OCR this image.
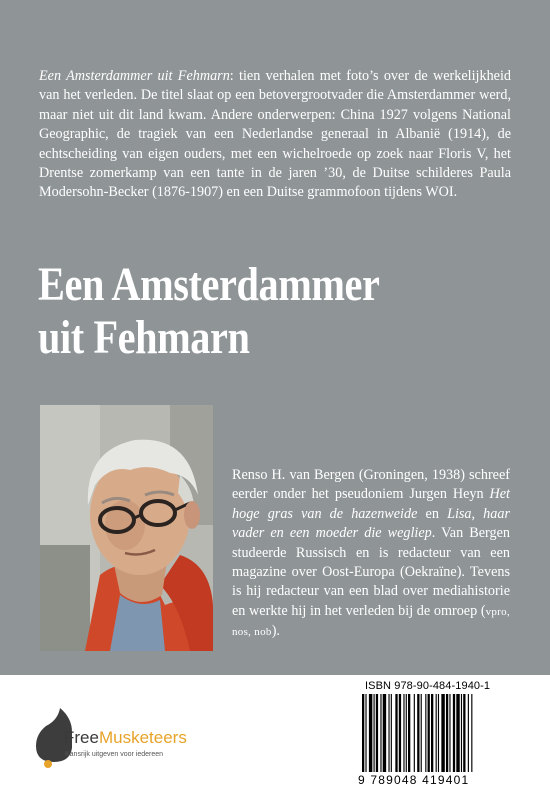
Een Amsterdammer uit Fehmarn: tien verhalen met foto’s over de werkelijkheid van het verleden. De titel slaat op een betovergrootvader die Amsterdammer werd, maar niet uit dit land kwam. Andere onderwerpen: China 1927 volgens National Geographic, de tragiek van een Nederlandse generaal in Albanië (1914), de echtscheiding van eigen ouders, met een wichelroede op zoek naar Floris V, het Drentse zomerkamp van een tante in de jaren ’30, de Duitse schilderes Paula Modersohn-Becker (1876-1907) en een Duitse grammofoon tijdens WOI.

Een Amsterdammer
uit Fehmarn

Renso H. van Bergen (Groningen, 1938) schreef eerder onder het pseudoniem Jurgen Heyn Het hoge gras van de hazenweide en Lisa, haar vader en een moeder die wegliep. Van Bergen studeerde Russisch en is redacteur van een magazine over Oost-Europa (Oekraïne). Tevens is hij redacteur van een blad over mediahistorie en werkte hij in het verleden bij de omroep (vpro, nos, nob).

FreeMusketeers
Kansrijk uitgeven voor iedereen
ISBN 978-90-484-1940-1
9 789048 419401
